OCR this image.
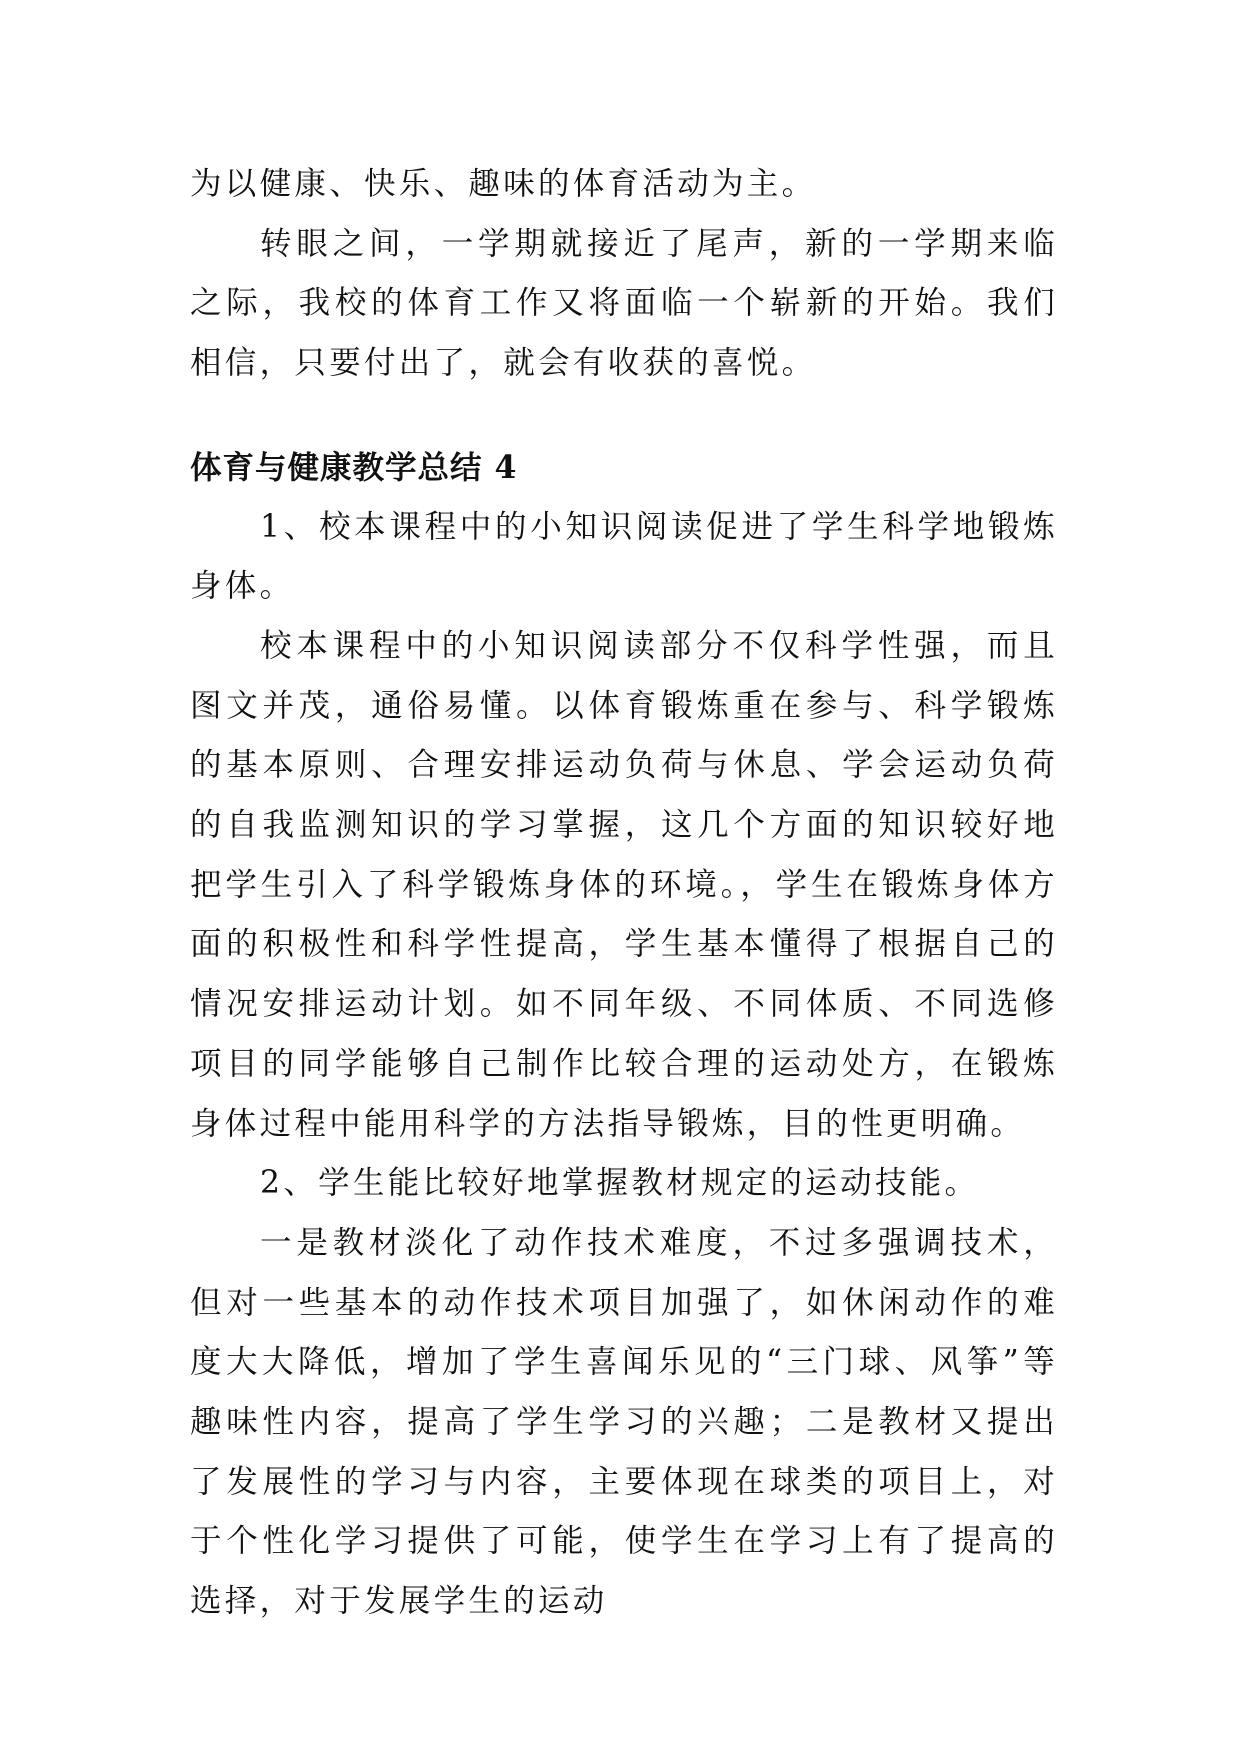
为以健康、快乐、趣味的体育活动为主。

转眼之间，一学期就接近了尾声，新的一学期来临之际，我校的体育工作又将面临一个崭新的开始。我们相信，只要付出了，就会有收获的喜悦。

体育与健康教学总结 4

1、校本课程中的小知识阅读促进了学生科学地锻炼身体。

校本课程中的小知识阅读部分不仅科学性强，而且图文并茂，通俗易懂。以体育锻炼重在参与、科学锻炼的基本原则、合理安排运动负荷与休息、学会运动负荷的自我监测知识的学习掌握，这几个方面的知识较好地把学生引入了科学锻炼身体的环境。，学生在锻炼身体方面的积极性和科学性提高，学生基本懂得了根据自己的情况安排运动计划。如不同年级、不同体质、不同选修项目的同学能够自己制作比较合理的运动处方，在锻炼身体过程中能用科学的方法指导锻炼，目的性更明确。

2、学生能比较好地掌握教材规定的运动技能。

一是教材淡化了动作技术难度，不过多强调技术，但对一些基本的动作技术项目加强了，如休闲动作的难度大大降低，增加了学生喜闻乐见的“三门球、风筝”等趣味性内容，提高了学生学习的兴趣；二是教材又提出了发展性的学习与内容，主要体现在球类的项目上，对于个性化学习提供了可能，使学生在学习上有了提高的选择，对于发展学生的运动
